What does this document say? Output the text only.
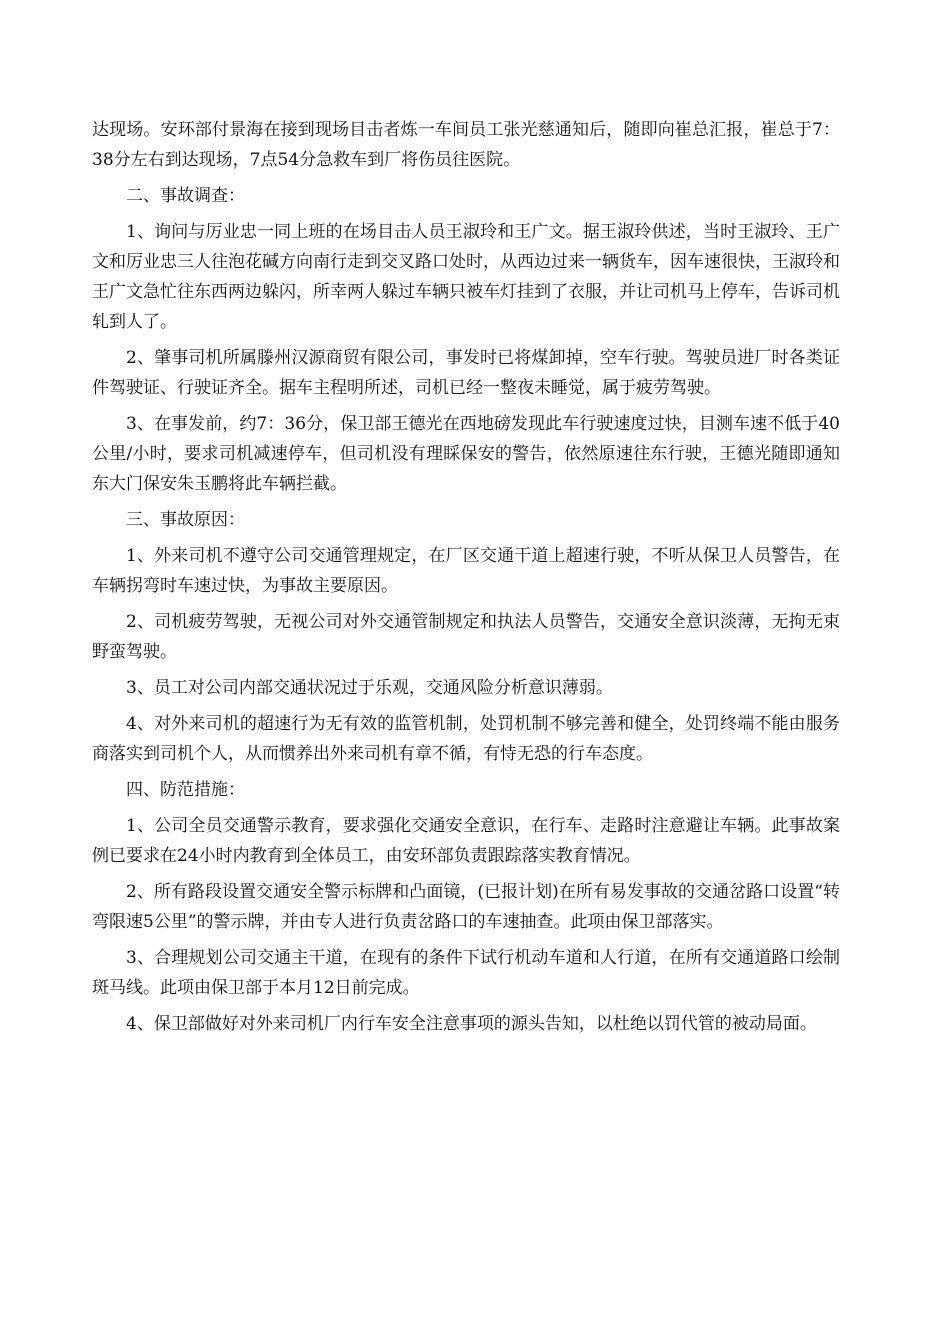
达现场。安环部付景海在接到现场目击者炼一车间员工张光慈通知后，随即向崔总汇报，崔总于7：38分左右到达现场，7点54分急救车到厂将伤员往医院。

二、事故调查：

1、询问与厉业忠一同上班的在场目击人员王淑玲和王广文。据王淑玲供述，当时王淑玲、王广文和厉业忠三人往泡花碱方向南行走到交叉路口处时，从西边过来一辆货车，因车速很快，王淑玲和王广文急忙往东西两边躲闪，所幸两人躲过车辆只被车灯挂到了衣服，并让司机马上停车，告诉司机轧到人了。

2、肇事司机所属滕州汉源商贸有限公司，事发时已将煤卸掉，空车行驶。驾驶员进厂时各类证件驾驶证、行驶证齐全。据车主程明所述，司机已经一整夜未睡觉，属于疲劳驾驶。

3、在事发前，约7：36分，保卫部王德光在西地磅发现此车行驶速度过快，目测车速不低于40公里/小时，要求司机减速停车，但司机没有理睬保安的警告，依然原速往东行驶，王德光随即通知东大门保安朱玉鹏将此车辆拦截。

三、事故原因：

1、外来司机不遵守公司交通管理规定，在厂区交通干道上超速行驶，不听从保卫人员警告，在车辆拐弯时车速过快，为事故主要原因。

2、司机疲劳驾驶，无视公司对外交通管制规定和执法人员警告，交通安全意识淡薄，无拘无束野蛮驾驶。

3、员工对公司内部交通状况过于乐观，交通风险分析意识薄弱。

4、对外来司机的超速行为无有效的监管机制，处罚机制不够完善和健全，处罚终端不能由服务商落实到司机个人，从而惯养出外来司机有章不循，有恃无恐的行车态度。

四、防范措施：

1、公司全员交通警示教育，要求强化交通安全意识，在行车、走路时注意避让车辆。此事故案例已要求在24小时内教育到全体员工，由安环部负责跟踪落实教育情况。

2、所有路段设置交通安全警示标牌和凸面镜，(已报计划)在所有易发事故的交通岔路口设置“转弯限速5公里”的警示牌，并由专人进行负责岔路口的车速抽查。此项由保卫部落实。

3、合理规划公司交通主干道，在现有的条件下试行机动车道和人行道，在所有交通道路口绘制斑马线。此项由保卫部于本月12日前完成。

4、保卫部做好对外来司机厂内行车安全注意事项的源头告知，以杜绝以罚代管的被动局面。
